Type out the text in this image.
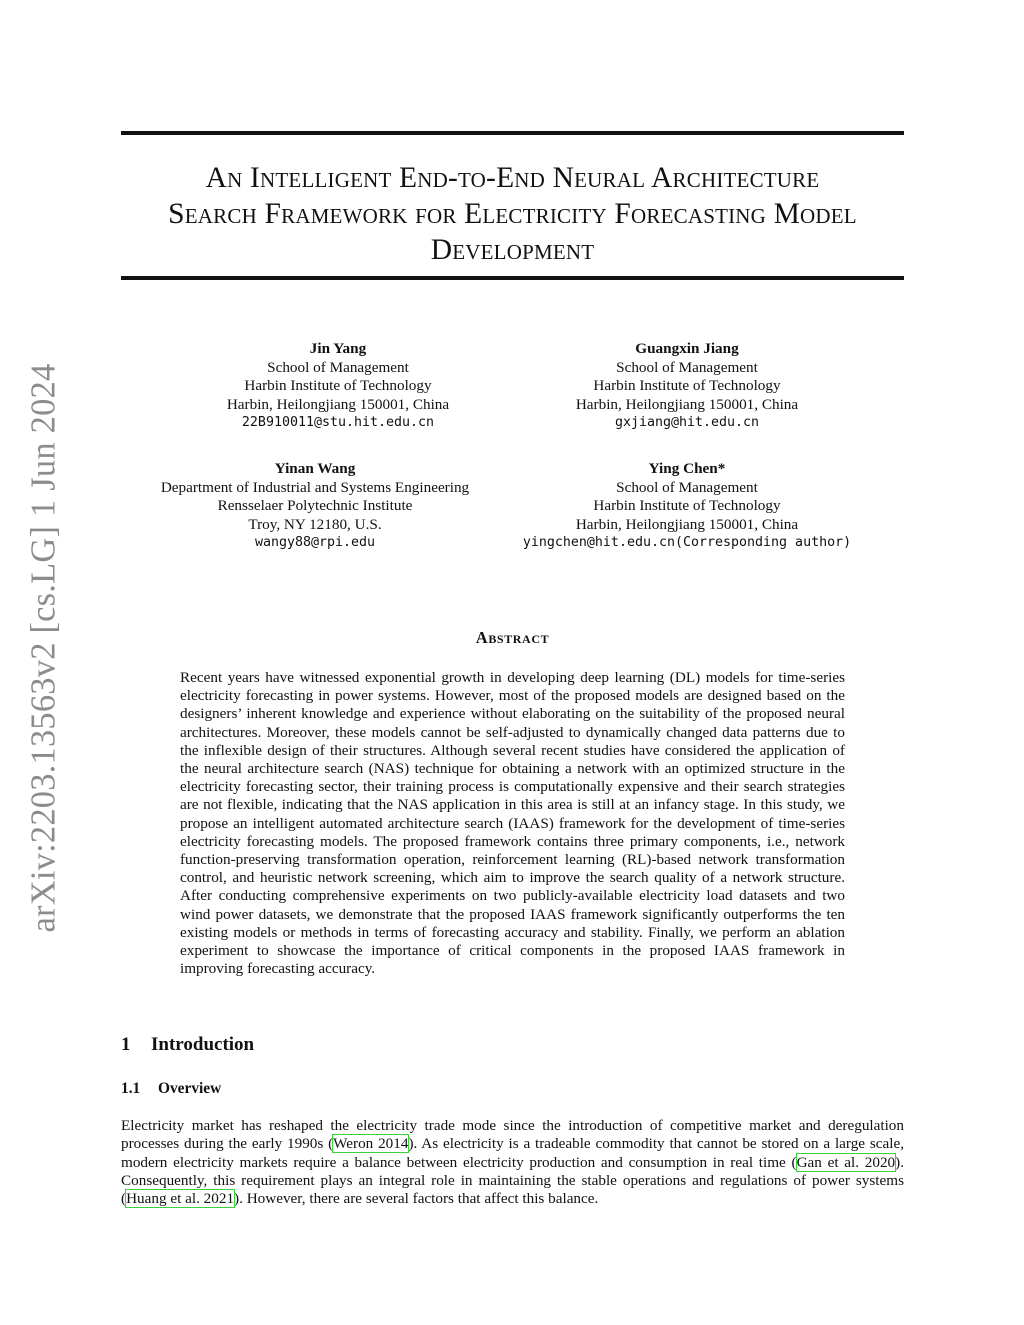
arXiv:2203.13563v2 [cs.LG] 1 Jun 2024
An Intelligent End-to-End Neural Architecture
Search Framework for Electricity Forecasting Model
Development
Jin Yang
School of Management
Harbin Institute of Technology
Harbin, Heilongjiang 150001, China
22B910011@stu.hit.edu.cn
Guangxin Jiang
School of Management
Harbin Institute of Technology
Harbin, Heilongjiang 150001, China
gxjiang@hit.edu.cn
Yinan Wang
Department of Industrial and Systems Engineering
Rensselaer Polytechnic Institute
Troy, NY 12180, U.S.
wangy88@rpi.edu
Ying Chen*
School of Management
Harbin Institute of Technology
Harbin, Heilongjiang 150001, China
yingchen@hit.edu.cn(Corresponding author)
Abstract

Recent years have witnessed exponential growth in developing deep learning (DL) models for time-series electricity forecasting in power systems. However, most of the proposed models are designed based on the designers’ inherent knowledge and experience without elaborating on the suitability of the proposed neural architectures. Moreover, these models cannot be self-adjusted to dynamically changed data patterns due to the inflexible design of their structures. Although several recent studies have considered the application of the neural architecture search (NAS) technique for obtaining a network with an optimized structure in the electricity forecasting sector, their training process is computationally expensive and their search strategies are not flexible, indicating that the NAS application in this area is still at an infancy stage. In this study, we propose an intelligent automated architecture search (IAAS) framework for the development of time-series electricity forecasting models. The proposed framework contains three primary components, i.e., network function-preserving transformation operation, reinforcement learning (RL)-based network transformation control, and heuristic network screening, which aim to improve the search quality of a network structure. After conducting comprehensive experiments on two publicly-available electricity load datasets and two wind power datasets, we demonstrate that the proposed IAAS framework significantly outperforms the ten existing models or methods in terms of forecasting accuracy and stability. Finally, we perform an ablation experiment to showcase the importance of critical components in the proposed IAAS framework in improving forecasting accuracy.

1 Introduction
1.1 Overview

Electricity market has reshaped the electricity trade mode since the introduction of competitive market and deregulation processes during the early 1990s (Weron 2014). As electricity is a tradeable commodity that cannot be stored on a large scale, modern electricity markets require a balance between electricity production and consumption in real time (Gan et al. 2020). Consequently, this requirement plays an integral role in maintaining the stable operations and regulations of power systems (Huang et al. 2021). However, there are several factors that affect this balance.
